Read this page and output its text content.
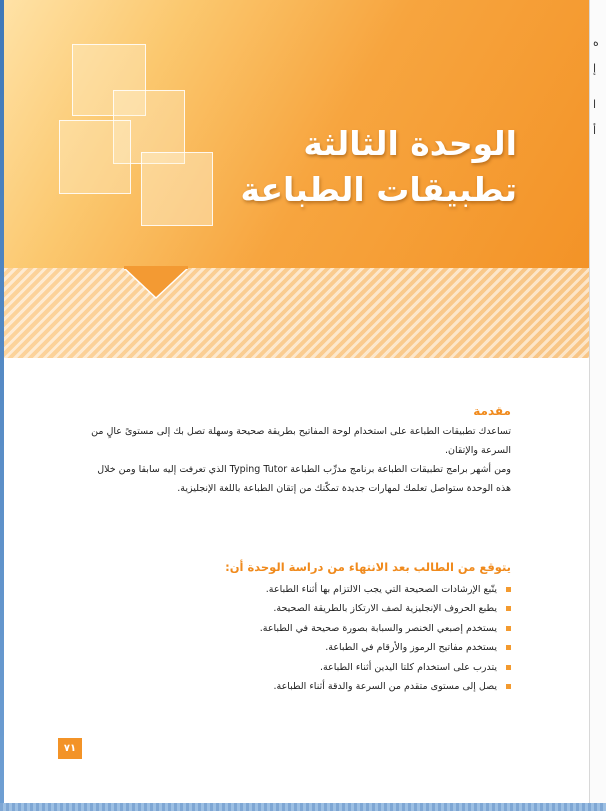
الوحدة الثالثة
تطبيقات الطباعة

مقدمة

تساعدك تطبيقات الطباعة على استخدام لوحة المفاتيح بطريقة صحيحة وسهلة تصل بك إلى مستوىً عالٍ من السرعة والإتقان.

ومن أشهر برامج تطبيقات الطباعة برنامج مدرِّب الطباعة Typing Tutor الذي تعرفت إليه سابقا ومن خلال هذه الوحدة ستواصل تعلمك لمهارات جديدة تمكّنك من إتقان الطباعة باللغة الإنجليزية.

يتوقع من الطالب بعد الانتهاء من دراسة الوحدة أن:

يتّبع الإرشادات الصحيحة التي يجب الالتزام بها أثناء الطباعة.
يطبع الحروف الإنجليزية لصف الارتكاز بالطريقة الصحيحة.
يستخدم إصبعي الخنصر والسبابة بصورة صحيحة في الطباعة.
يستخدم مفاتيح الرموز والأرقام في الطباعة.
يتدرب على استخدام كلتا اليدين أثناء الطباعة.
يصل إلى مستوى متقدم من السرعة والدقة أثناء الطباعة.
٧١
ه
إ
ا
أ
